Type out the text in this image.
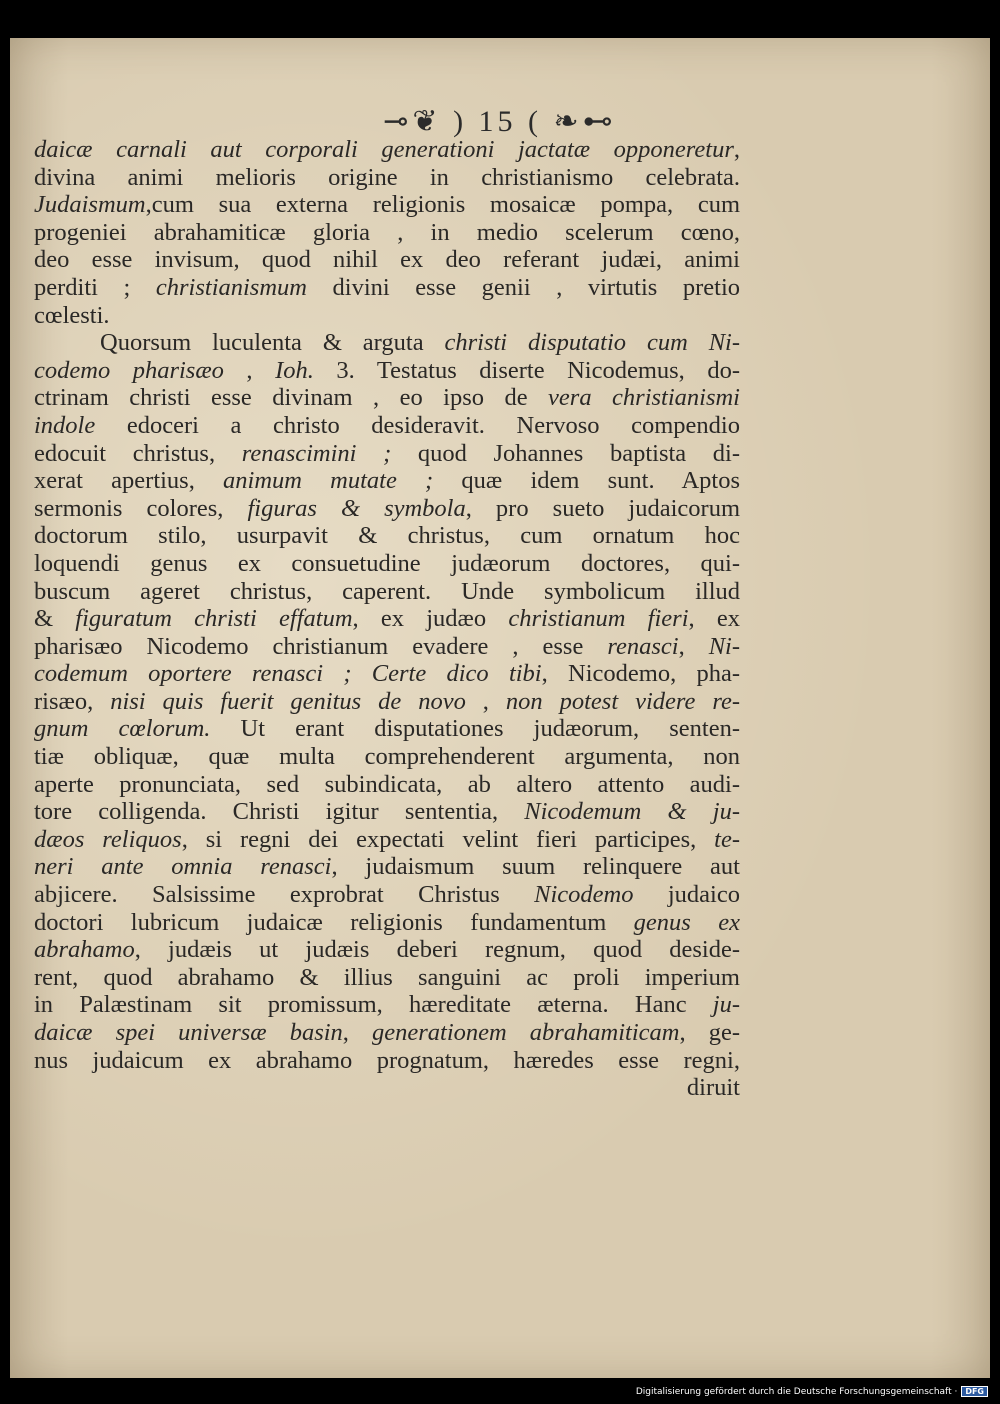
⊸❦ ) 15 ( ❧⊷
daicæ carnali aut corporali generationi jactatæ opponeretur,
divina animi melioris origine in christianismo celebrata.
Judaismum,cum sua externa religionis mosaicæ pompa, cum
progeniei abrahamiticæ gloria , in medio scelerum cœno,
deo esse invisum, quod nihil ex deo referant judæi, animi
perditi ; christianismum divini esse genii , virtutis pretio
cœlesti.
Quorsum luculenta & arguta christi disputatio cum Ni-
codemo pharisæo , Ioh. 3. Testatus diserte Nicodemus, do-
ctrinam christi esse divinam , eo ipso de vera christianismi
indole edoceri a christo desideravit. Nervoso compendio
edocuit christus, renascimini ; quod Johannes baptista di-
xerat apertius, animum mutate ; quæ idem sunt. Aptos
sermonis colores, figuras & symbola, pro sueto judaicorum
doctorum stilo, usurpavit & christus, cum ornatum hoc
loquendi genus ex consuetudine judæorum doctores, qui-
buscum ageret christus, caperent. Unde symbolicum illud
& figuratum christi effatum, ex judæo christianum fieri, ex
pharisæo Nicodemo christianum evadere , esse renasci, Ni-
codemum oportere renasci ; Certe dico tibi, Nicodemo, pha-
risæo, nisi quis fuerit genitus de novo , non potest videre re-
gnum cœlorum. Ut erant disputationes judæorum, senten-
tiæ obliquæ, quæ multa comprehenderent argumenta, non
aperte pronunciata, sed subindicata, ab altero attento audi-
tore colligenda. Christi igitur sententia, Nicodemum & ju-
dæos reliquos, si regni dei expectati velint fieri participes, te-
neri ante omnia renasci, judaismum suum relinquere aut
abjicere. Salsissime exprobrat Christus Nicodemo judaico
doctori lubricum judaicæ religionis fundamentum genus ex
abrahamo, judæis ut judæis deberi regnum, quod deside-
rent, quod abrahamo & illius sanguini ac proli imperium
in Palæstinam sit promissum, hæreditate æterna. Hanc ju-
daicæ spei universæ basin, generationem abrahamiticam, ge-
nus judaicum ex abrahamo prognatum, hæredes esse regni,
diruit
Digitalisierung gefördert durch die Deutsche Forschungsgemeinschaft ·	DFG
